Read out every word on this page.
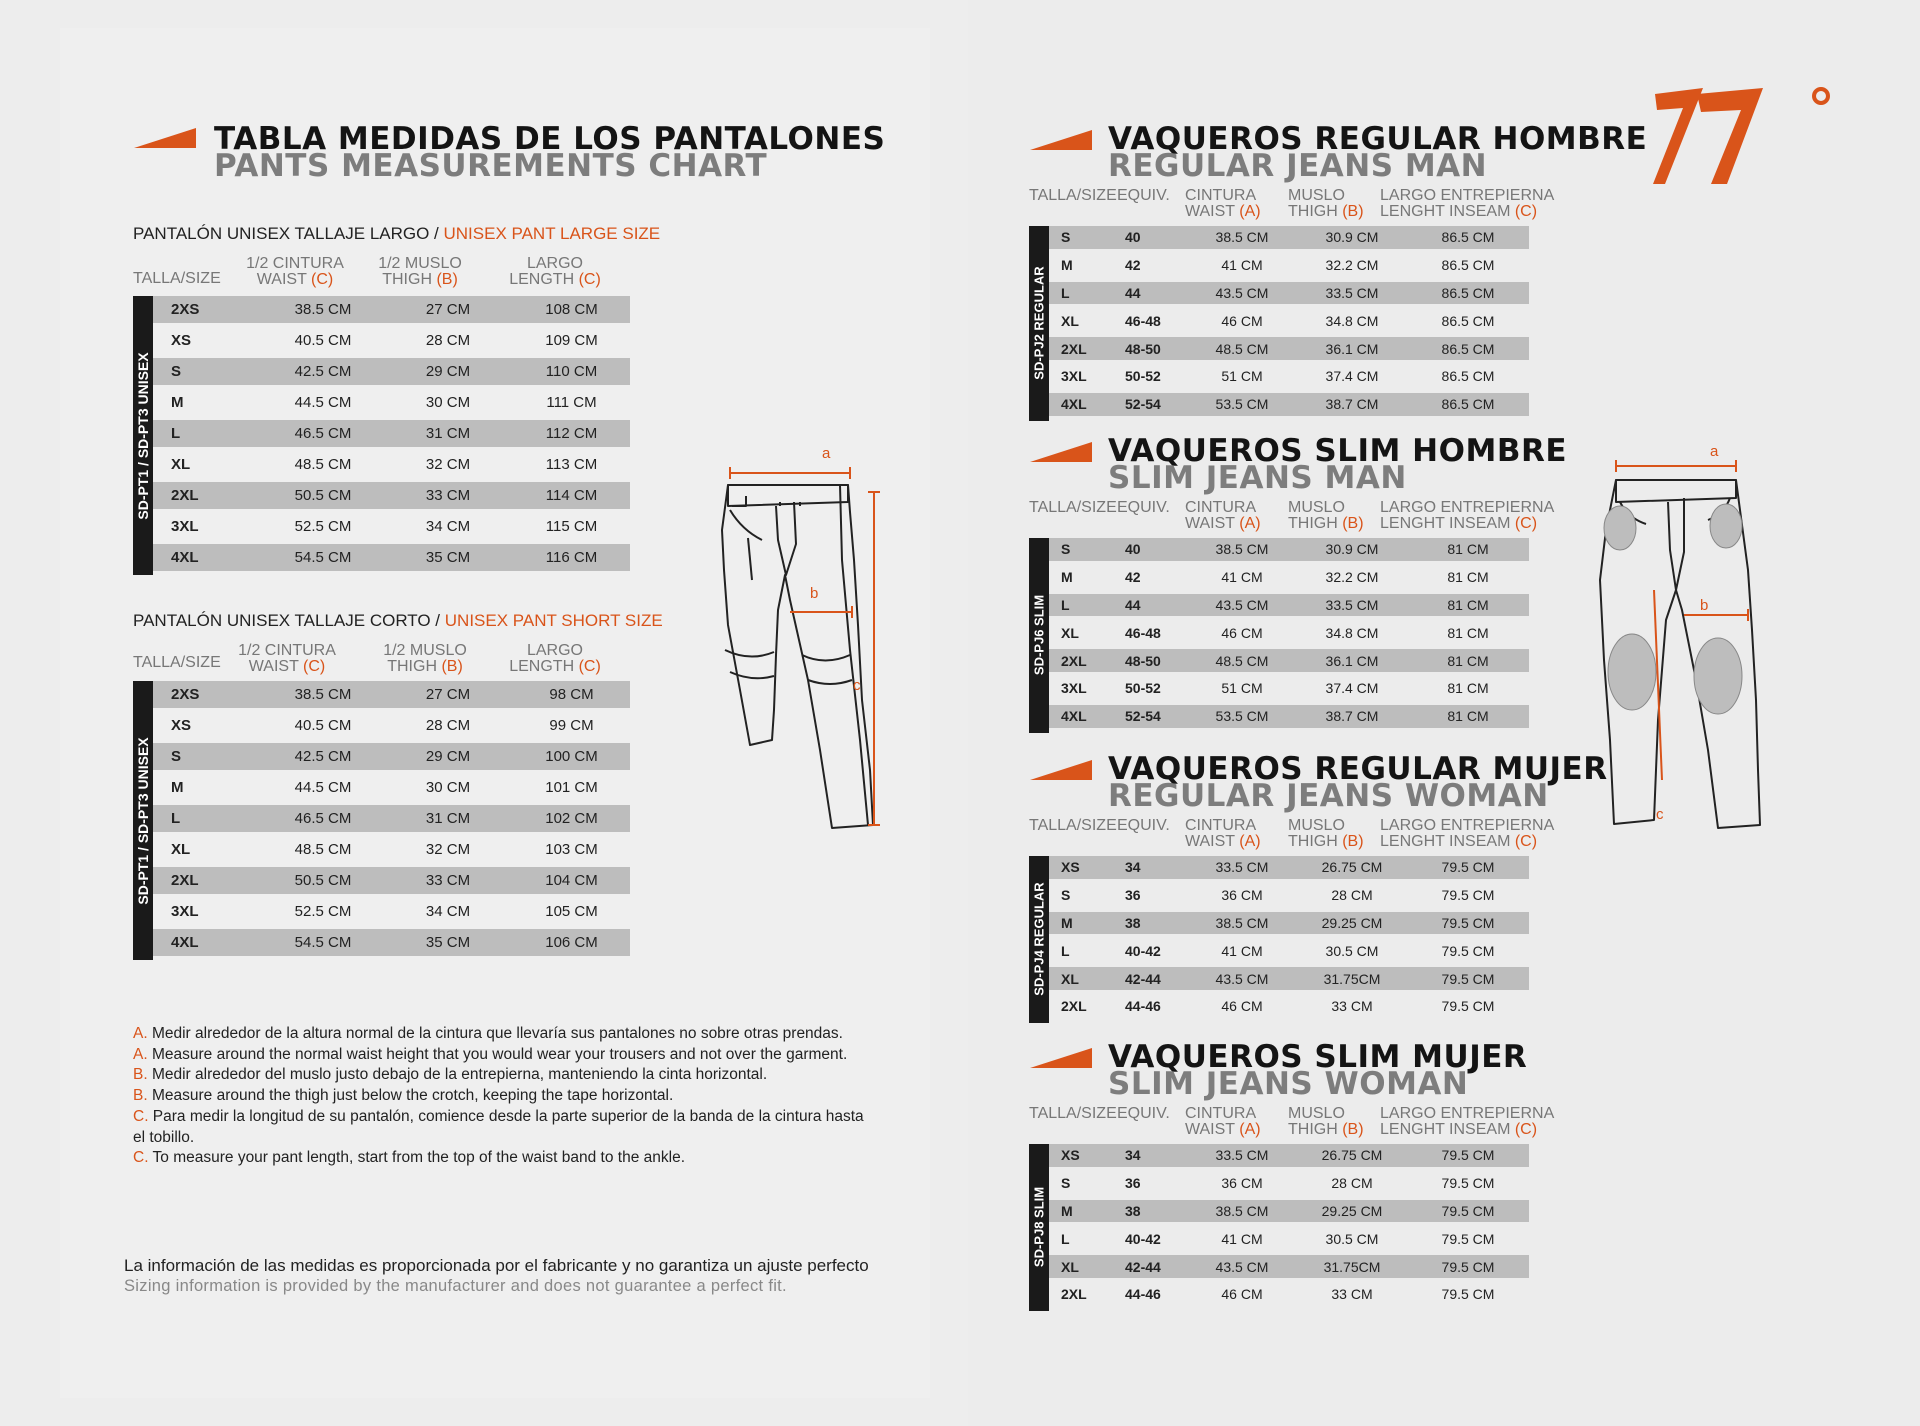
TABLA MEDIDAS DE LOS PANTALONES
PANTS MEASUREMENTS CHART
PANTALÓN UNISEX TALLAJE LARGO / UNISEX PANT LARGE SIZE
TALLA/SIZE
1/2 CINTURA
WAIST (C)
1/2 MUSLO
THIGH (B)
LARGO
LENGTH (C)
SD-PT1 / SD-PT3 UNISEX
2XS	38.5 CM	27 CM	108 CM
XS	40.5 CM	28 CM	109 CM
S	42.5 CM	29 CM	110 CM
M	44.5 CM	30 CM	111 CM
L	46.5 CM	31 CM	112 CM
XL	48.5 CM	32 CM	113 CM
2XL	50.5 CM	33 CM	114 CM
3XL	52.5 CM	34 CM	115 CM
4XL	54.5 CM	35 CM	116 CM
PANTALÓN UNISEX TALLAJE CORTO / UNISEX PANT SHORT SIZE
TALLA/SIZE
1/2 CINTURA
WAIST (C)
1/2 MUSLO
THIGH (B)
LARGO
LENGTH (C)
SD-PT1 / SD-PT3 UNISEX
2XS	38.5 CM	27 CM	98 CM
XS	40.5 CM	28 CM	99 CM
S	42.5 CM	29 CM	100 CM
M	44.5 CM	30 CM	101 CM
L	46.5 CM	31 CM	102 CM
XL	48.5 CM	32 CM	103 CM
2XL	50.5 CM	33 CM	104 CM
3XL	52.5 CM	34 CM	105 CM
4XL	54.5 CM	35 CM	106 CM
a
b
c
A. Medir alrededor de la altura normal de la cintura que llevaría sus pantalones no sobre otras prendas.
A. Measure around the normal waist height that you would wear your trousers and not over the garment.
B. Medir alrededor del muslo justo debajo de la entrepierna, manteniendo la cinta horizontal.
B. Measure around the thigh just below the crotch, keeping the tape horizontal.
C. Para medir la longitud de su pantalón, comience desde la parte superior de la banda de la cintura hasta el tobillo.
C. To measure your pant length, start from the top of the waist band to the ankle.
La información de las medidas es proporcionada por el fabricante y no garantiza un ajuste perfecto
Sizing information is provided by the manufacturer and does not guarantee a perfect fit.
VAQUEROS REGULAR HOMBRE
REGULAR JEANS MAN
TALLA/SIZE EQUIV. CINTURA
WAIST (A)
MUSLO
THIGH (B)
LARGO ENTREPIERNA
LENGHT INSEAM (C)
SD-PJ2 REGULAR
S	40	38.5 CM	30.9 CM	86.5 CM
M	42	41 CM	32.2 CM	86.5 CM
L	44	43.5 CM	33.5 CM	86.5 CM
XL	46-48	46 CM	34.8 CM	86.5 CM
2XL	48-50	48.5 CM	36.1 CM	86.5 CM
3XL	50-52	51 CM	37.4 CM	86.5 CM
4XL	52-54	53.5 CM	38.7 CM	86.5 CM
VAQUEROS SLIM HOMBRE
SLIM JEANS MAN
TALLA/SIZE EQUIV. CINTURA
WAIST (A)
MUSLO
THIGH (B)
LARGO ENTREPIERNA
LENGHT INSEAM (C)
SD-PJ6 SLIM
S	40	38.5 CM	30.9 CM	81 CM
M	42	41 CM	32.2 CM	81 CM
L	44	43.5 CM	33.5 CM	81 CM
XL	46-48	46 CM	34.8 CM	81 CM
2XL	48-50	48.5 CM	36.1 CM	81 CM
3XL	50-52	51 CM	37.4 CM	81 CM
4XL	52-54	53.5 CM	38.7 CM	81 CM
VAQUEROS REGULAR MUJER
REGULAR JEANS WOMAN
TALLA/SIZE EQUIV. CINTURA
WAIST (A)
MUSLO
THIGH (B)
LARGO ENTREPIERNA
LENGHT INSEAM (C)
SD-PJ4 REGULAR
XS	34	33.5 CM	26.75 CM	79.5 CM
S	36	36 CM	28 CM	79.5 CM
M	38	38.5 CM	29.25 CM	79.5 CM
L	40-42	41 CM	30.5 CM	79.5 CM
XL	42-44	43.5 CM	31.75CM	79.5 CM
2XL	44-46	46 CM	33 CM	79.5 CM
VAQUEROS SLIM MUJER
SLIM JEANS WOMAN
TALLA/SIZE EQUIV. CINTURA
WAIST (A)
MUSLO
THIGH (B)
LARGO ENTREPIERNA
LENGHT INSEAM (C)
SD-PJ8 SLIM
XS	34	33.5 CM	26.75 CM	79.5 CM
S	36	36 CM	28 CM	79.5 CM
M	38	38.5 CM	29.25 CM	79.5 CM
L	40-42	41 CM	30.5 CM	79.5 CM
XL	42-44	43.5 CM	31.75CM	79.5 CM
2XL	44-46	46 CM	33 CM	79.5 CM
a
b
c
